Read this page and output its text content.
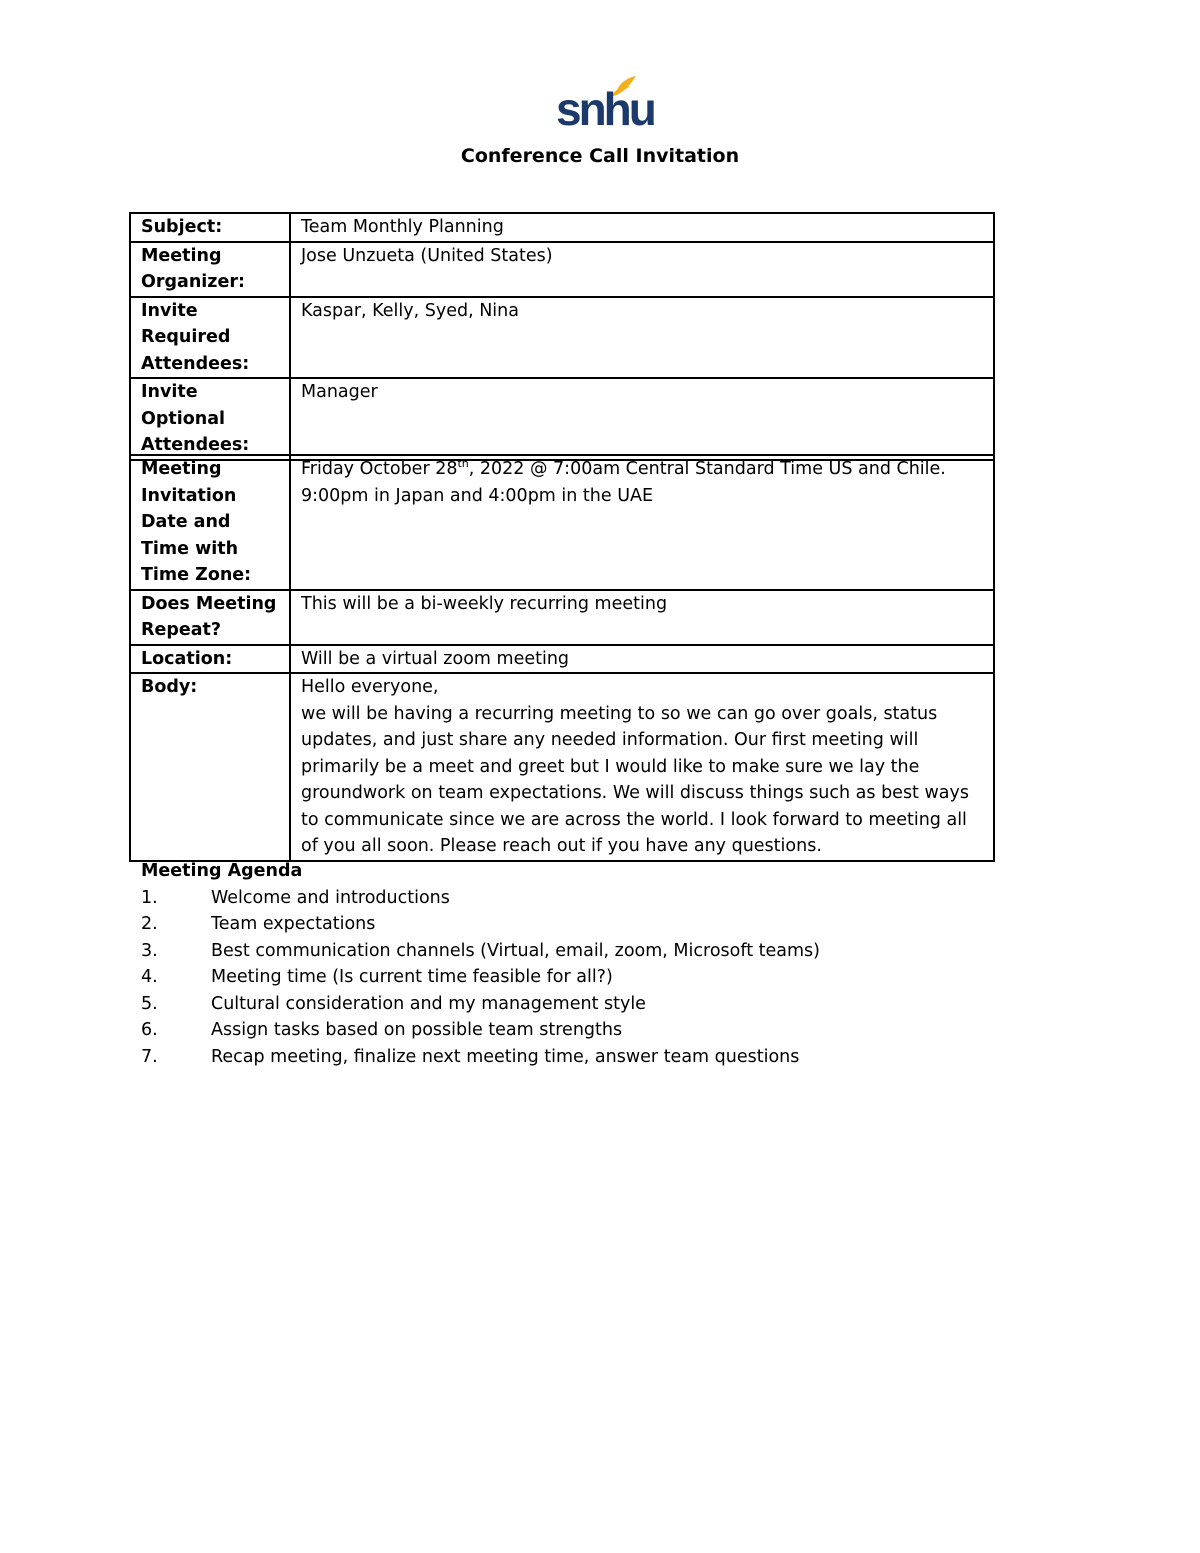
snhu
Conference Call Invitation
Subject:	Team Monthly Planning
Meeting Organizer:	Jose Unzueta (United States)
Invite Required Attendees:	Kaspar, Kelly, Syed, Nina
Invite Optional Attendees:	Manager
Meeting Invitation Date and Time with Time Zone:	Friday October 28th, 2022 @ 7:00am Central Standard Time US and Chile.
9:00pm in Japan and 4:00pm in the UAE

Does Meeting Repeat?	This will be a bi-weekly recurring meeting
Location:	Will be a virtual zoom meeting
Body:	Hello everyone,
we will be having a recurring meeting to so we can go over goals, status updates, and just share any needed information. Our first meeting will primarily be a meet and greet but I would like to make sure we lay the groundwork on team expectations. We will discuss things such as best ways to communicate since we are across the world. I look forward to meeting all of you all soon. Please reach out if you have any questions.
Meeting Agenda
1.	Welcome and introductions
2.	Team expectations
3.	Best communication channels (Virtual, email, zoom, Microsoft teams)
4.	Meeting time (Is current time feasible for all?)
5.	Cultural consideration and my management style
6.	Assign tasks based on possible team strengths
7.	Recap meeting, finalize next meeting time, answer team questions
